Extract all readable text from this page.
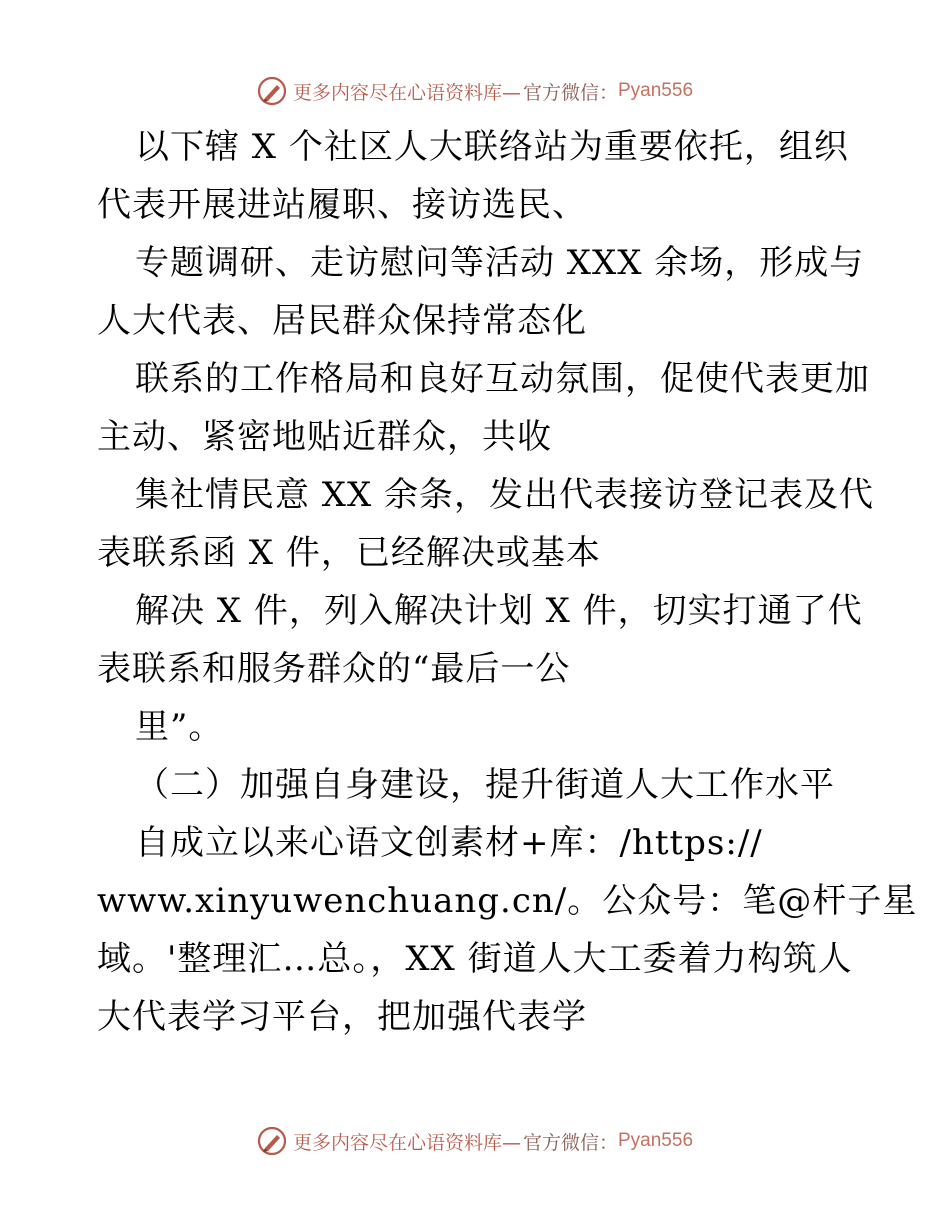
更多内容尽在心语资料库— 官方微信： Pyan556
以下辖 X 个社区人大联络站为重要依托，组织
代表开展进站履职、接访选民、
专题调研、走访慰问等活动 XXX 余场，形成与
人大代表、居民群众保持常态化
联系的工作格局和良好互动氛围，促使代表更加
主动、紧密地贴近群众，共收
集社情民意 XX 余条，发出代表接访登记表及代
表联系函 X 件，已经解决或基本
解决 X 件，列入解决计划 X 件，切实打通了代
表联系和服务群众的“最后一公
里”。
（二）加强自身建设，提升街道人大工作水平
自成立以来心语文创素材+库：/https://
www.xinyuwenchuang.cn/。公众号：笔@杆子星
域。'整理汇…总。，XX 街道人大工委着力构筑人
大代表学习平台，把加强代表学
更多内容尽在心语资料库— 官方微信： Pyan556
